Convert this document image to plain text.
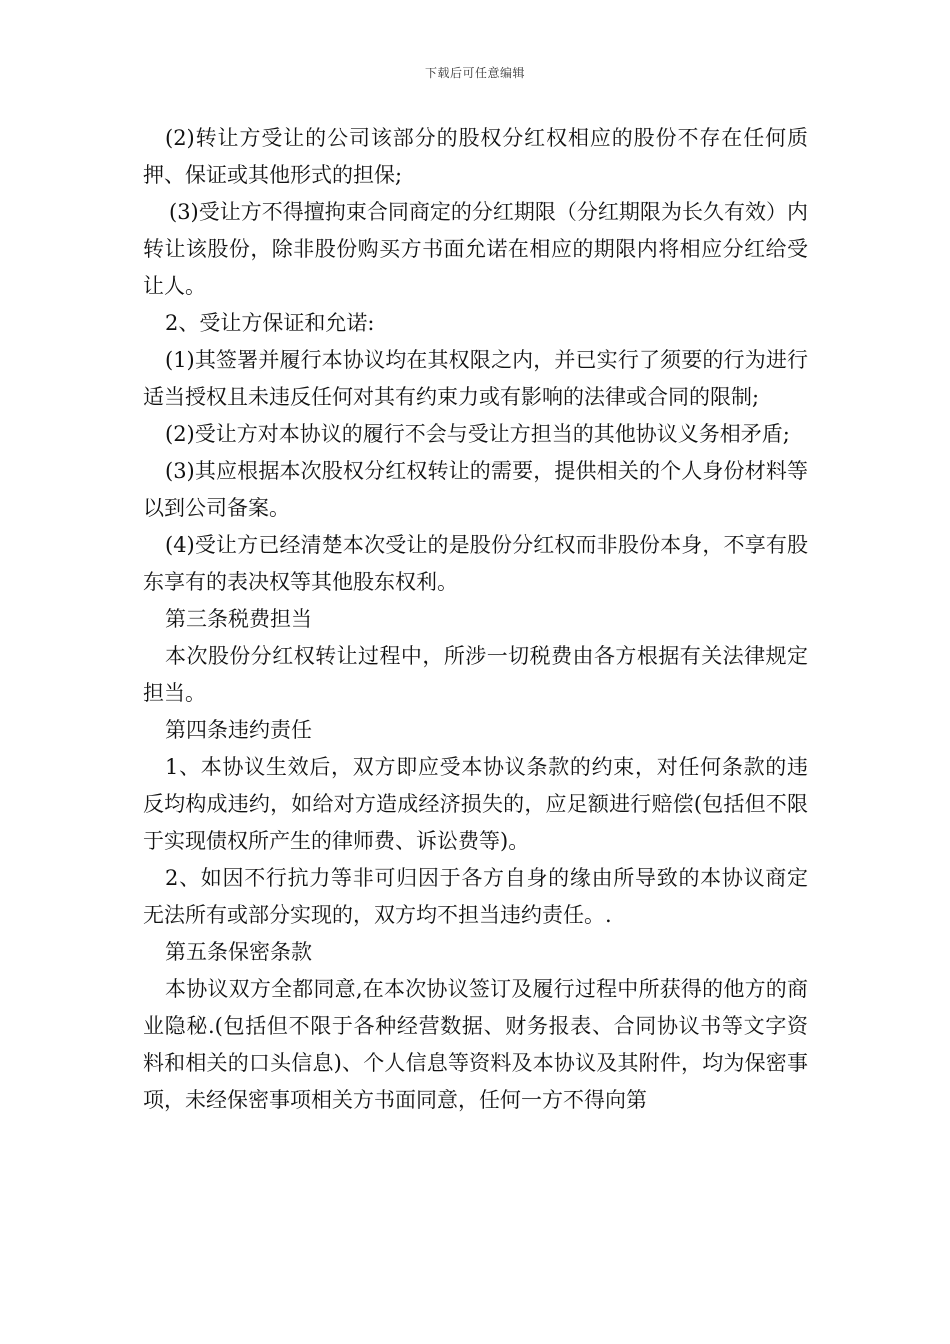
下载后可任意编辑

(2)转让方受让的公司该部分的股权分红权相应的股份不存在任何质押、保证或其他形式的担保;

(3)受让方不得擅拘束合同商定的分红期限（分红期限为长久有效）内转让该股份，除非股份购买方书面允诺在相应的期限内将相应分红给受让人。

2、受让方保证和允诺:

(1)其签署并履行本协议均在其权限之内，并已实行了须要的行为进行适当授权且未违反任何对其有约束力或有影响的法律或合同的限制;

(2)受让方对本协议的履行不会与受让方担当的其他协议义务相矛盾;

(3)其应根据本次股权分红权转让的需要，提供相关的个人身份材料等以到公司备案。

(4)受让方已经清楚本次受让的是股份分红权而非股份本身，不享有股东享有的表决权等其他股东权利。

第三条税费担当

本次股份分红权转让过程中，所涉一切税费由各方根据有关法律规定担当。

第四条违约责任

1、本协议生效后，双方即应受本协议条款的约束，对任何条款的违反均构成违约，如给对方造成经济损失的，应足额进行赔偿(包括但不限于实现债权所产生的律师费、诉讼费等)。

2、如因不行抗力等非可归因于各方自身的缘由所导致的本协议商定无法所有或部分实现的，双方均不担当违约责任。.

第五条保密条款

本协议双方全都同意,在本次协议签订及履行过程中所获得的他方的商业隐秘.(包括但不限于各种经营数据、财务报表、合同协议书等文字资料和相关的口头信息)、个人信息等资料及本协议及其附件，均为保密事项，未经保密事项相关方书面同意，任何一方不得向第
